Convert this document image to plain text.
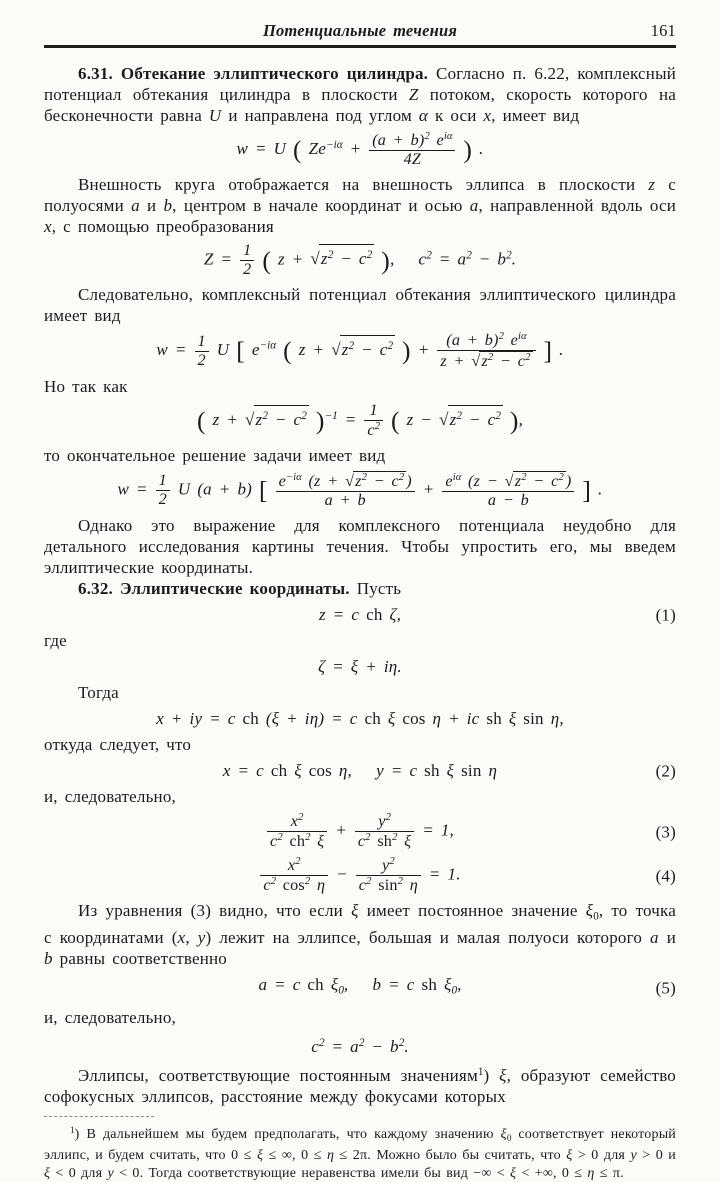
Потенциальные течения	161

6.31. Обтекание эллиптического цилиндра. Согласно п. 6.22, комплексный потенциал обтекания цилиндра в плоскости Z потоком, скорость которого на бесконечности равна U и направлена под углом α к оси x, имеет вид

w = U ( $Ze^{-i\alpha} + (a + b)^2$ $e^{i\alpha}$
4Z	) .

Внешность круга отображается на внешность эллипса в плоскости z с полуосями a и b, центром в начале координат и осью a, направленной вдоль оси x, с помощью преобразования

$Z = \frac{1}{2}$ ( $z + √z^2 - c^2$ ),  $c^2 = a^2 - b^2$.

Следовательно, комплексный потенциал обтекания эллиптического цилиндра имеет вид

$w = \frac{1}{2}$ U [ $e^{-i\alpha}$ ( $z + √z^2 - c^2$ ) + $(a + b)^2$ $e^{i\alpha}$
$z + √z^2 - c^2$ ] .

Но так как

( $z + √z^2 - c^2$ )$^{-1} = \frac{1}{c^2}$ ( $z - √z^2 - c^2$ ),

то окончательное решение задачи имеет вид

$w = \frac{1}{2}$ U (a + b) [ $\frac{e^{-i\alpha} (z + √z^2 - c^2 )}{a + b} + e^{i\alpha}$ ($z - √z^2 - c^2$ )
a − b	] .

Однако это выражение для комплексного потенциала неудобно для детального исследования картины течения. Чтобы упростить его, мы введем эллиптические координаты.

6.32. Эллиптические координаты. Пусть

z = c ch ζ,	(1)

где

ζ = ξ + iη.

Тогда

x + iy = c ch (ξ + iη) = c ch ξ cos η + ic sh ξ sin η,

откуда следует, что

x = c ch ξ cos η,  y = c sh ξ sin η	(2)

и, следовательно,

$\frac{x^2}{c^2 ch^2 \xi} + \frac{y^2}{c^2 sh^2 \xi} = 1$,	(3)
$\frac{x^2}{c^2 \cos^2 \eta} - \frac{y^2}{c^2 \sin^2 \eta} = 1$.	(4)

Из уравнения (3) видно, что если ξ имеет постоянное значение ξ0, то точка с координатами (x, y) лежит на эллипсе, большая и малая полуоси которого a и b равны соответственно

a = c ch ξ0,  b = c sh ξ0,	(5)

и, следовательно,

$c^2 = a^2 - b^2$.

Эллипсы, соответствующие постоянным значениям$^1$) ξ, образуют семейство софокусных эллипсов, расстояние между фокусами которых

$^1$) В дальнейшем мы будем предполагать, что каждому значению ξ0 соответствует некоторый эллипс, и будем считать, что 0 ≤ ξ ≤ ∞, 0 ≤ η ≤ 2π. Можно было бы считать, что ξ > 0 для y > 0 и ξ < 0 для y < 0. Тогда соответствующие неравенства имели бы вид −∞ < ξ < +∞, 0 ≤ η ≤ π.
